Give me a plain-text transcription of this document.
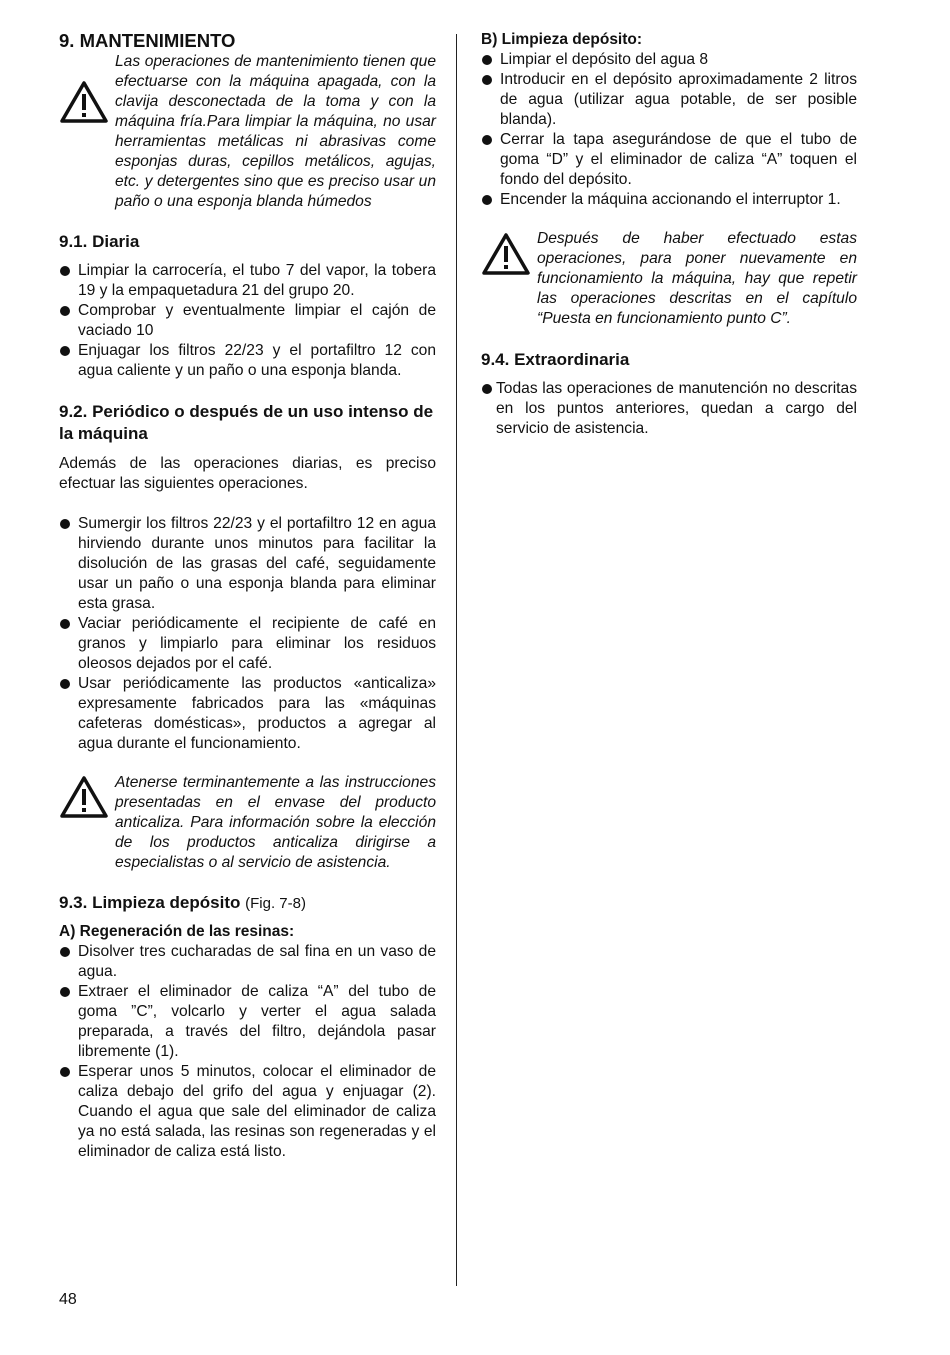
9. MANTENIMIENTO

Las operaciones de mantenimiento tienen que efectuarse con la máquina apagada, con la clavija desconectada de la toma y con la máquina fría.Para limpiar la máquina, no usar herramientas metálicas ni abrasivas come esponjas duras, cepillos metálicos, agujas, etc. y detergentes sino que es preciso usar un paño o una esponja blanda húmedos

9.1. Diaria
Limpiar la carrocería, el tubo 7 del vapor, la tobera 19 y la empaquetadura 21 del grupo 20.
Comprobar y eventualmente limpiar el cajón de vaciado 10
Enjuagar los filtros 22/23 y el portafiltro 12 con agua caliente y un paño o una esponja blanda.
9.2. Periódico o después de un uso intenso de la máquina

Además de las operaciones diarias, es preciso efectuar las siguientes operaciones.

Sumergir los filtros 22/23 y el portafiltro 12 en agua hirviendo durante unos minutos para facilitar la disolución de las grasas del café, seguidamente usar un paño o una esponja blanda para eliminar esta grasa.
Vaciar periódicamente el recipiente de café en granos y limpiarlo para eliminar los residuos oleosos dejados por el café.
Usar periódicamente las productos «anticaliza» expresamente fabricados para las «máquinas cafeteras domésticas», productos a agregar al agua durante el funcionamiento.

Atenerse terminantemente a las instrucciones presentadas en el envase del producto anticaliza. Para información sobre la elección de los productos anticaliza dirigirse a especialistas o al servicio de asistencia.

9.3. Limpieza depósito (Fig. 7-8)
A) Regeneración de las resinas:
Disolver tres cucharadas de sal fina en un vaso de agua.
Extraer el eliminador de caliza “A” del tubo de goma ”C”, volcarlo y verter el agua salada preparada, a través del filtro, dejándola pasar libremente (1).
Esperar unos 5 minutos, colocar el eliminador de caliza debajo del grifo del agua y enjuagar (2). Cuando el agua que sale del eliminador de caliza ya no está salada, las resinas son regeneradas y el eliminador de caliza está listo.
B) Limpieza depósito:
Limpiar el depósito del agua 8
Introducir en el depósito aproximadamente 2 litros de agua (utilizar agua potable, de ser posible blanda).
Cerrar la tapa asegurándose de que el tubo de goma “D” y el eliminador de caliza “A” toquen el fondo del depósito.
Encender la máquina accionando el interruptor 1.

Después de haber efectuado estas operaciones, para poner nuevamente en funcionamiento la máquina, hay que repetir las operaciones descritas en el capítulo “Puesta en funcionamiento punto C”.

9.4. Extraordinaria
Todas las operaciones de manutención no descritas en los puntos anteriores, quedan a cargo del servicio de asistencia.
48
